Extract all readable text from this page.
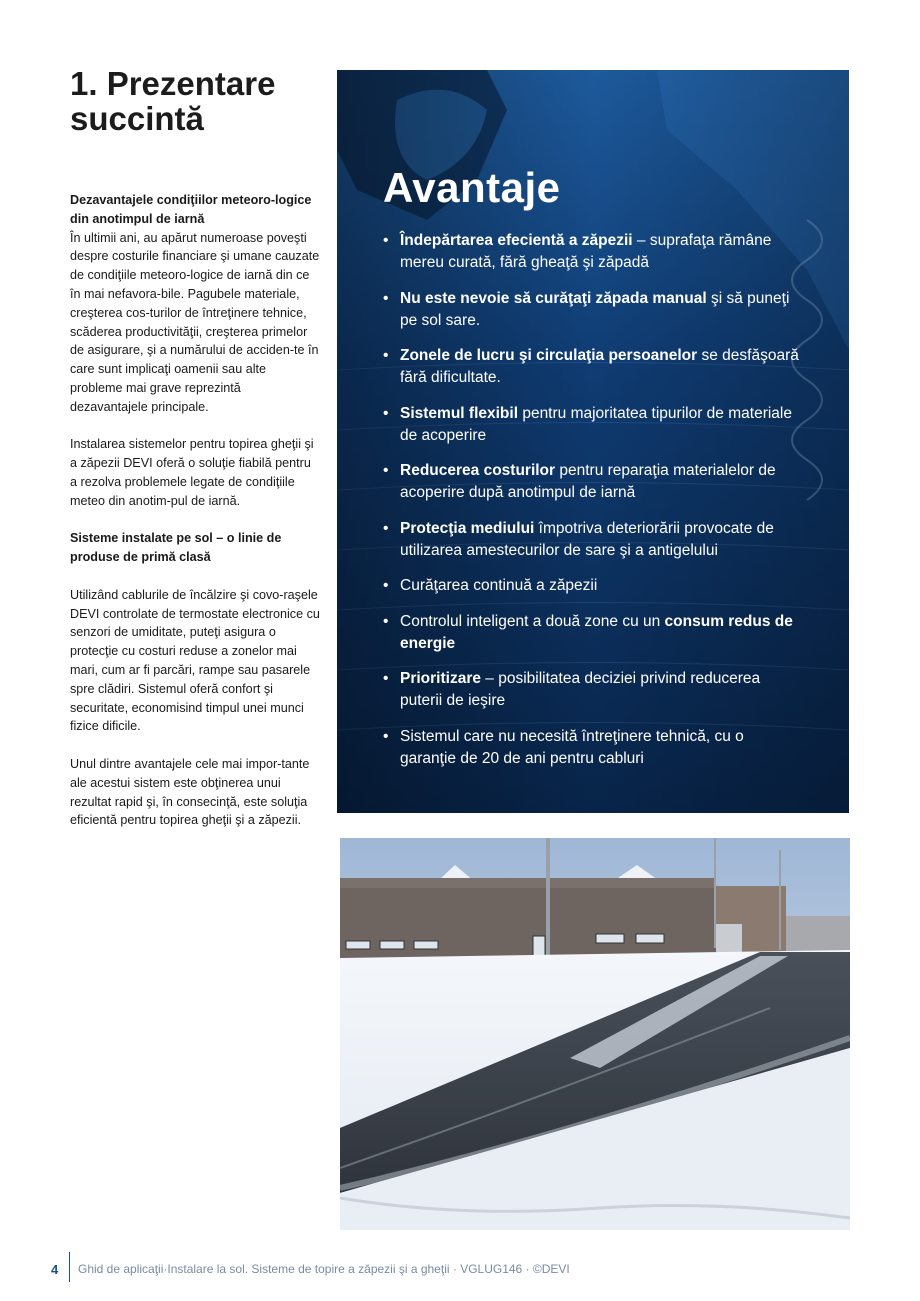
1. Prezentare succintă

Dezavantajele condiţiilor meteoro-logice din anotimpul de iarnă
În ultimii ani, au apărut numeroase poveşti despre costurile financiare şi umane cauzate de condiţiile meteoro-logice de iarnă din ce în mai nefavora-bile. Pagubele materiale, creşterea cos-turilor de întreţinere tehnice, scăderea productivităţii, creşterea primelor de asigurare, şi a numărului de acciden-te în care sunt implicaţi oamenii sau alte probleme mai grave reprezintă dezavantajele principale.

Instalarea sistemelor pentru topirea gheţii şi a zăpezii DEVI oferă o soluţie fiabilă pentru a rezolva problemele legate de condiţiile meteo din anotim-pul de iarnă.

Sisteme instalate pe sol – o linie de produse de primă clasă

Utilizând cablurile de încălzire şi covo-raşele DEVI controlate de termostate electronice cu senzori de umiditate, puteţi asigura o protecţie cu costuri reduse a zonelor mai mari, cum ar fi parcări, rampe sau pasarele spre clădiri. Sistemul oferă confort şi securitate, economisind timpul unei munci fizice dificile.

Unul dintre avantajele cele mai impor-tante ale acestui sistem este obţinerea unui rezultat rapid şi, în consecinţă, este soluţia eficientă pentru topirea gheţii şi a zăpezii.

Avantaje
• Îndepărtarea efecientă a zăpezii – suprafaţa rămâne mereu curată, fără gheaţă şi zăpadă
• Nu este nevoie să curăţaţi zăpada manual şi să puneţi pe sol sare.
• Zonele de lucru şi circulaţia persoanelor se desfăşoară fără dificultate.
• Sistemul flexibil pentru majoritatea tipurilor de materiale de acoperire
• Reducerea costurilor pentru reparaţia materialelor de acoperire după anotimpul de iarnă
• Protecţia mediului împotriva deteriorării provocate de utilizarea amestecurilor de sare şi a antigelului
• Curăţarea continuă a zăpezii
• Controlul inteligent a două zone cu un consum redus de energie
• Prioritizare – posibilitatea deciziei privind reducerea puterii de ieşire
• Sistemul care nu necesită întreţinere tehnică, cu o garanţie de 20 de ani pentru cabluri
4 Ghid de aplicaţii·Instalare la sol. Sisteme de topire a zăpezii şi a gheţii · VGLUG146 · ©DEVI
